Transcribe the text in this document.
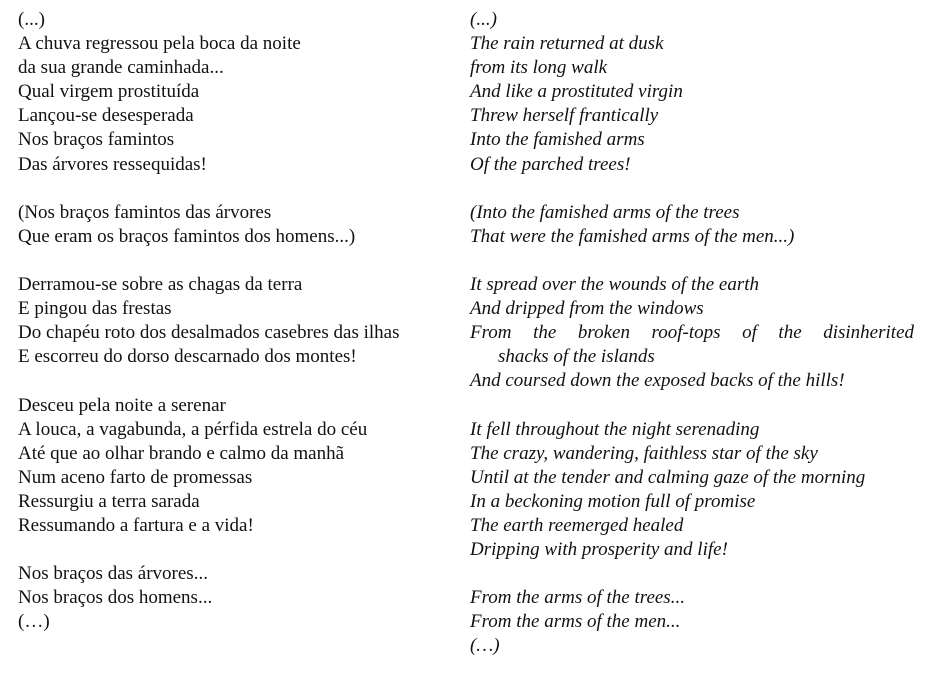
(...)
A chuva regressou pela boca da noite
da sua grande caminhada...
Qual virgem prostituída
Lançou-se desesperada
Nos braços famintos
Das árvores ressequidas!
(Nos braços famintos das árvores
Que eram os braços famintos dos homens...)
Derramou-se sobre as chagas da terra
E pingou das frestas
Do chapéu roto dos desalmados casebres das ilhas
E escorreu do dorso descarnado dos montes!
Desceu pela noite a serenar
A louca, a vagabunda, a pérfida estrela do céu
Até que ao olhar brando e calmo da manhã
Num aceno farto de promessas
Ressurgiu a terra sarada
Ressumando a fartura e a vida!
Nos braços das árvores...
Nos braços dos homens...
(…)
(...)
The rain returned at dusk
from its long walk
And like a prostituted virgin
Threw herself frantically
Into the famished arms
Of the parched trees!
(Into the famished arms of the trees
That were the famished arms of the men...)
It spread over the wounds of the earth
And dripped from the windows
From the broken roof-tops of the disinherited
shacks of the islands
And coursed down the exposed backs of the hills!
It fell throughout the night serenading
The crazy, wandering, faithless star of the sky
Until at the tender and calming gaze of the morning
In a beckoning motion full of promise
The earth reemerged healed
Dripping with prosperity and life!
From the arms of the trees...
From the arms of the men...
(…)
